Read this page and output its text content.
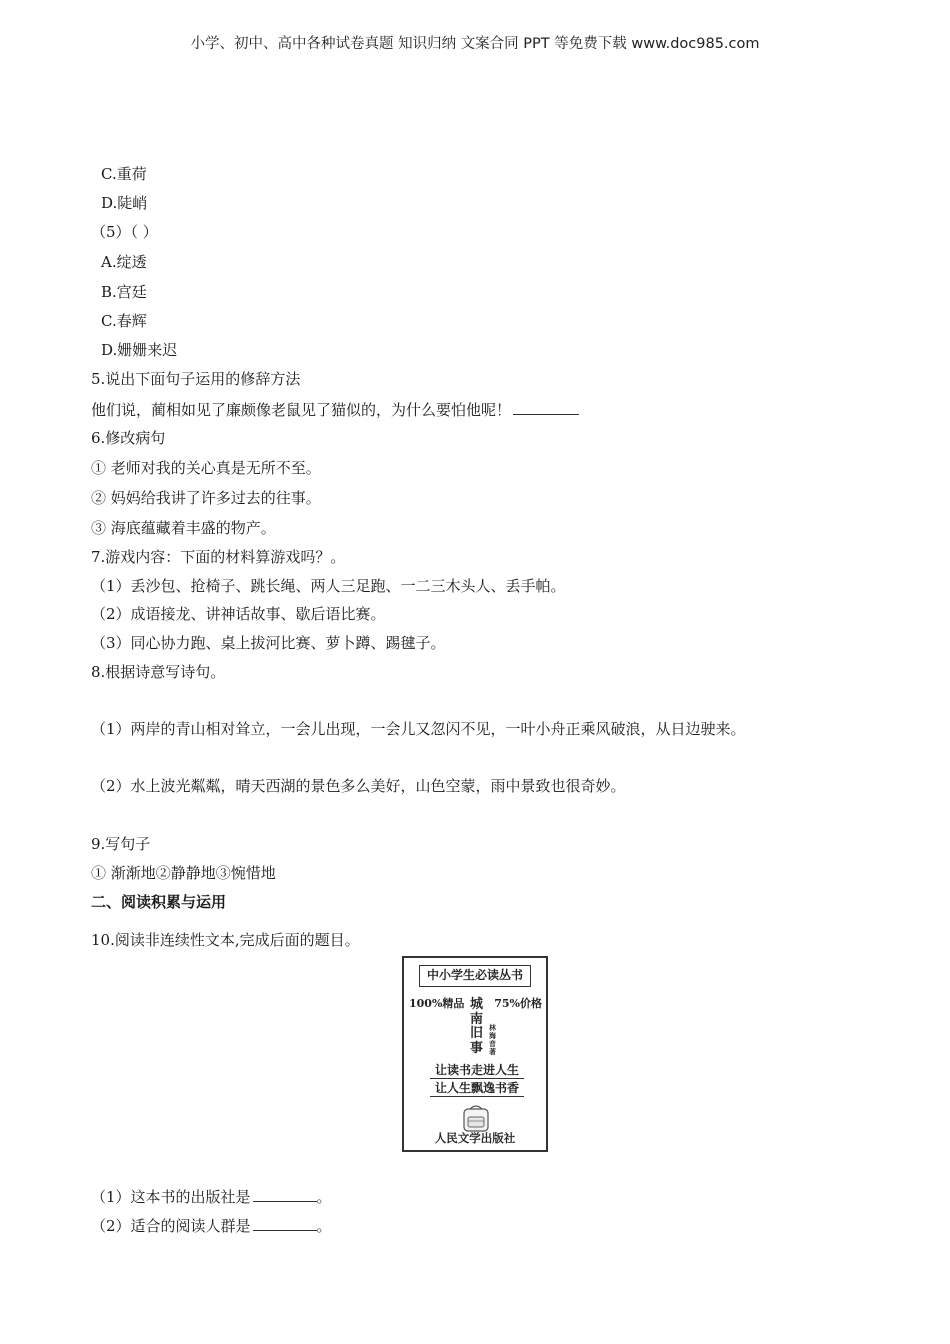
小学、初中、高中各种试卷真题 知识归纳 文案合同 PPT 等免费下载 www.doc985.com
C.重荷
D.陡峭
（5）（ ）
A.绽透
B.宫廷
C.春辉
D.姗姗来迟
5.说出下面句子运用的修辞方法
他们说，蔺相如见了廉颇像老鼠见了猫似的，为什么要怕他呢！
6.修改病句
① 老师对我的关心真是无所不至。
② 妈妈给我讲了许多过去的往事。
③ 海底蕴藏着丰盛的物产。
7.游戏内容：下面的材料算游戏吗？。
（1）丢沙包、抢椅子、跳长绳、两人三足跑、一二三木头人、丢手帕。
（2）成语接龙、讲神话故事、歇后语比赛。
（3）同心协力跑、桌上拔河比赛、萝卜蹲、踢毽子。
8.根据诗意写诗句。
（1）两岸的青山相对耸立，一会儿出现，一会儿又忽闪不见，一叶小舟正乘风破浪，从日边驶来。
（2）水上波光粼粼，晴天西湖的景色多么美好，山色空蒙，雨中景致也很奇妙。
9.写句子
① 渐渐地②静静地③惋惜地
二、阅读积累与运用
10.阅读非连续性文本,完成后面的题目。
中小学生必读丛书
100%精品	75%价格
城南旧事
林海音著
让读书走进人生
让人生飘逸书香
人民文学出版社
（1）这本书的出版社是	。
（2）适合的阅读人群是	。
